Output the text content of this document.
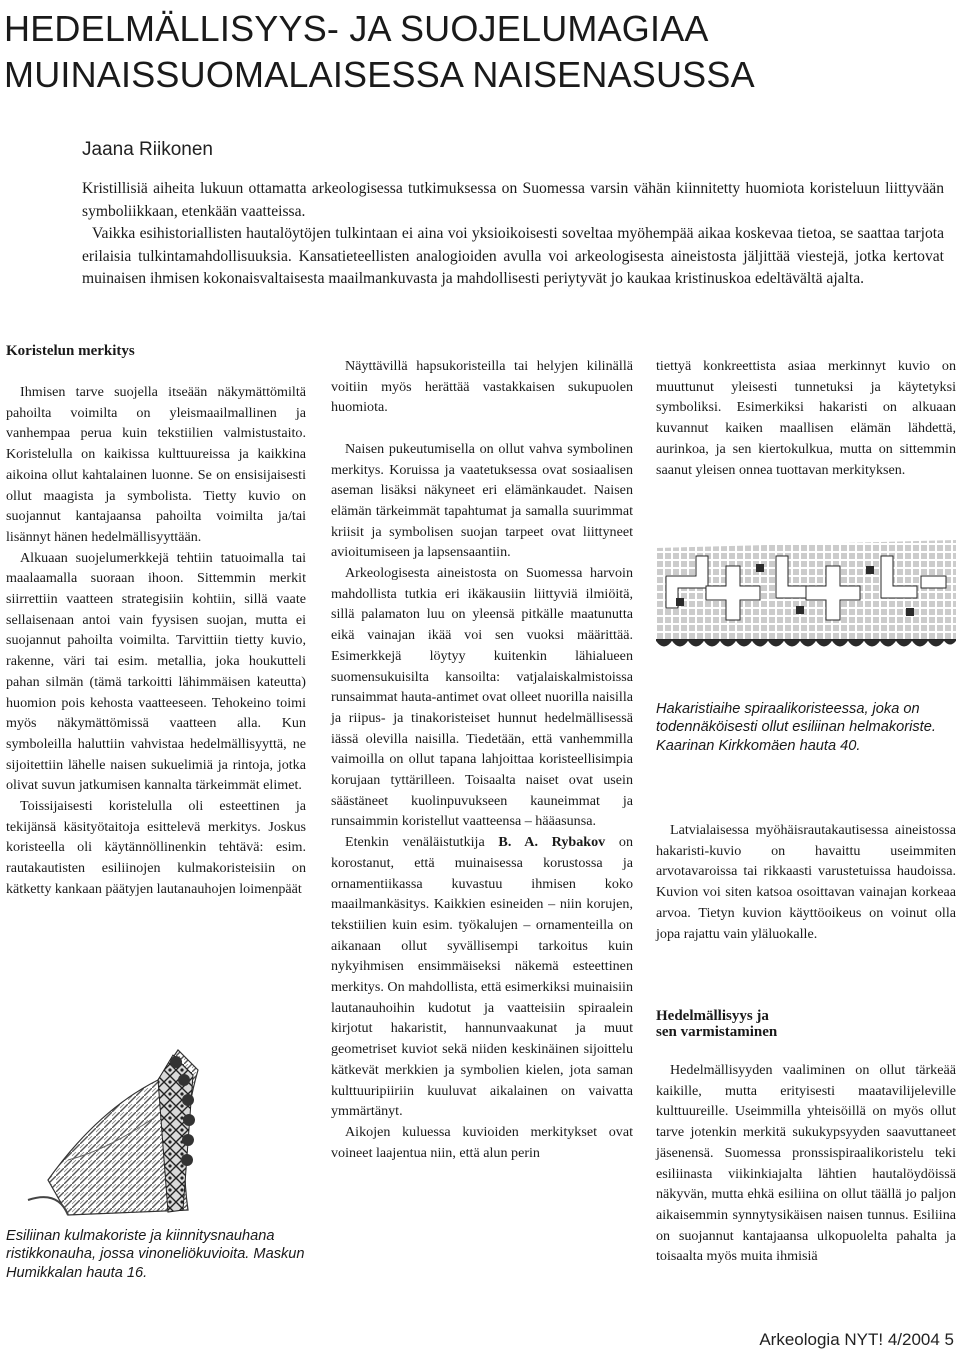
HEDELMÄLLISYYS- JA SUOJELUMAGIAA
MUINAISSUOMALAISESSA NAISENASUSSA
Jaana Riikonen

Kristillisiä aiheita lukuun ottamatta arkeologisessa tutkimuksessa on Suomessa varsin vähän kiinnitetty huomiota koristeluun liittyvään symboliikkaan, etenkään vaatteissa.
Vaikka esihistoriallisten hautalöytöjen tulkintaan ei aina voi yksioikoisesti soveltaa myöhempää aikaa koskevaa tietoa, se saattaa tarjota erilaisia tulkintamahdollisuuksia. Kansatieteellisten analogioiden avulla voi arkeologisesta aineistosta jäljittää viestejä, jotka kertovat muinaisen ihmisen kokonaisvaltaisesta maailmankuvasta ja mahdollisesti periytyvät jo kaukaa kristinuskoa edeltävältä ajalta.

Koristelun merkitys

Ihmisen tarve suojella itseään näkymättömiltä pahoilta voimilta on yleismaailmallinen ja vanhempaa perua kuin tekstiilien valmistustaito. Koristelulla on kaikissa kulttuureissa ja kaikkina aikoina ollut kahtalainen luonne. Se on ensisijaisesti ollut maagista ja symbolista. Tietty kuvio on suojannut kantajaansa pahoilta voimilta ja/tai lisännyt hänen hedelmällisyyttään.

Alkuaan suojelumerkkejä tehtiin tatuoimalla tai maalaamalla suoraan ihoon. Sittemmin merkit siirrettiin vaatteen strategisiin kohtiin, sillä vaate sellaisenaan antoi vain fyysisen suojan, mutta ei suojannut pahoilta voimilta. Tarvittiin tietty kuvio, rakenne, väri tai esim. metallia, joka houkutteli pahan silmän (tämä tarkoitti lähimmäisen kateutta) huomion pois kehosta vaatteeseen. Tehokeino toimi myös näkymättömissä vaatteen alla. Kun symboleilla haluttiin vahvistaa hedelmällisyyttä, ne sijoitettiin lähelle naisen sukuelimiä ja rintoja, jotka olivat suvun jatkumisen kannalta tärkeimmät elimet.

Toissijaisesti koristelulla oli esteettinen ja tekijänsä käsityötaitoja esittelevä merkitys. Joskus koristeella oli käytännöllinenkin tehtävä: esim. rautakautisten esiliinojen kulmakoristeisiin on kätketty kankaan päätyjen lautanauhojen loimenpäät

Esiliinan kulmakoriste ja kiinnitysnauhana ristikkonauha, jossa vinoneliökuvioita. Maskun Humikkalan hauta 16.

Näyttävillä hapsukoristeilla tai helyjen kilinällä voitiin myös herättää vastakkaisen sukupuolen huomiota.

Naisen pukeutumisella on ollut vahva symbolinen merkitys. Koruissa ja vaatetuksessa ovat sosiaalisen aseman lisäksi näkyneet eri elämänkaudet. Naisen elämän tärkeimmät tapahtumat ja samalla suurimmat kriisit ja symbolisen suojan tarpeet ovat liittyneet avioitumiseen ja lapsensaantiin.

Arkeologisesta aineistosta on Suomessa harvoin mahdollista tutkia eri ikäkausiin liittyviä ilmiöitä, sillä palamaton luu on yleensä pitkälle maatunutta eikä vainajan ikää voi sen vuoksi määrittää. Esimerkkejä löytyy kuitenkin lähialueen suomensukuisilta kansoilta: vatjalaiskalmistoissa runsaimmat hauta-antimet ovat olleet nuorilla naisilla ja riipus- ja tinakoristeiset hunnut hedelmällisessä iässä olevilla naisilla. Tiedetään, että vanhemmilla vaimoilla on ollut tapana lahjoittaa koristeellisimpia korujaan tyttärilleen. Toisaalta naiset ovat usein säästäneet kuolinpuvukseen kauneimmat ja runsaimmin koristellut vaatteensa – hääasunsa.

Etenkin venäläistutkija B. A. Rybakov on korostanut, että muinaisessa korustossa ja ornamentiikassa kuvastuu ihmisen koko maailmankäsitys. Kaikkien esineiden – niin korujen, tekstiilien kuin esim. työkalujen – ornamenteilla on aikanaan ollut syvällisempi tarkoitus kuin nykyihmisen ensimmäiseksi näkemä esteettinen merkitys. On mahdollista, että esimerkiksi muinaisiin lautanauhoihin kudotut ja vaatteisiin spiraalein kirjotut hakaristit, hannunvaakunat ja muut geometriset kuviot sekä niiden keskinäinen sijoittelu kätkevät merkkien ja symbolien kielen, jota saman kulttuuripiiriin kuuluvat aikalainen on vaivatta ymmärtänyt.

Aikojen kuluessa kuvioiden merkitykset ovat voineet laajentua niin, että alun perin

tiettyä konkreettista asiaa merkinnyt kuvio on muuttunut yleisesti tunnetuksi ja käytetyksi symboliksi. Esimerkiksi hakaristi on alkuaan kuvannut kaiken maallisen elämän lähdettä, aurinkoa, ja sen kiertokulkua, mutta on sittemmin saanut yleisen onnea tuottavan merkityksen.

Hakaristiaihe spiraalikoristeessa, joka on todennäköisesti ollut esiliinan helmakoriste. Kaarinan Kirkkomäen hauta 40.

Latvialaisessa myöhäisrautakautisessa aineistossa hakaristi-kuvio on havaittu useimmiten arvotavaroissa tai rikkaasti varustetuissa haudoissa. Kuvion voi siten katsoa osoittavan vainajan korkeaa arvoa. Tietyn kuvion käyttöoikeus on voinut olla jopa rajattu vain yläluokalle.

Hedelmällisyys ja
sen varmistaminen

Hedelmällisyyden vaaliminen on ollut tärkeää kaikille, mutta erityisesti maatavilijeleville kulttuureille. Useimmilla yhteisöillä on myös ollut tarve jotenkin merkitä sukukypsyyden saavuttaneet jäsenensä. Suomessa pronssispiraalikoristelu teki esiliinasta viikinkiajalta lähtien hautalöydöissä näkyvän, mutta ehkä esiliina on ollut täällä jo paljon aikaisemmin synnytysikäisen naisen tunnus. Esiliina on suojannut kantajaansa ulkopuolelta pahalta ja toisaalta myös muita ihmisiä

Arkeologia NYT! 4/2004 5
